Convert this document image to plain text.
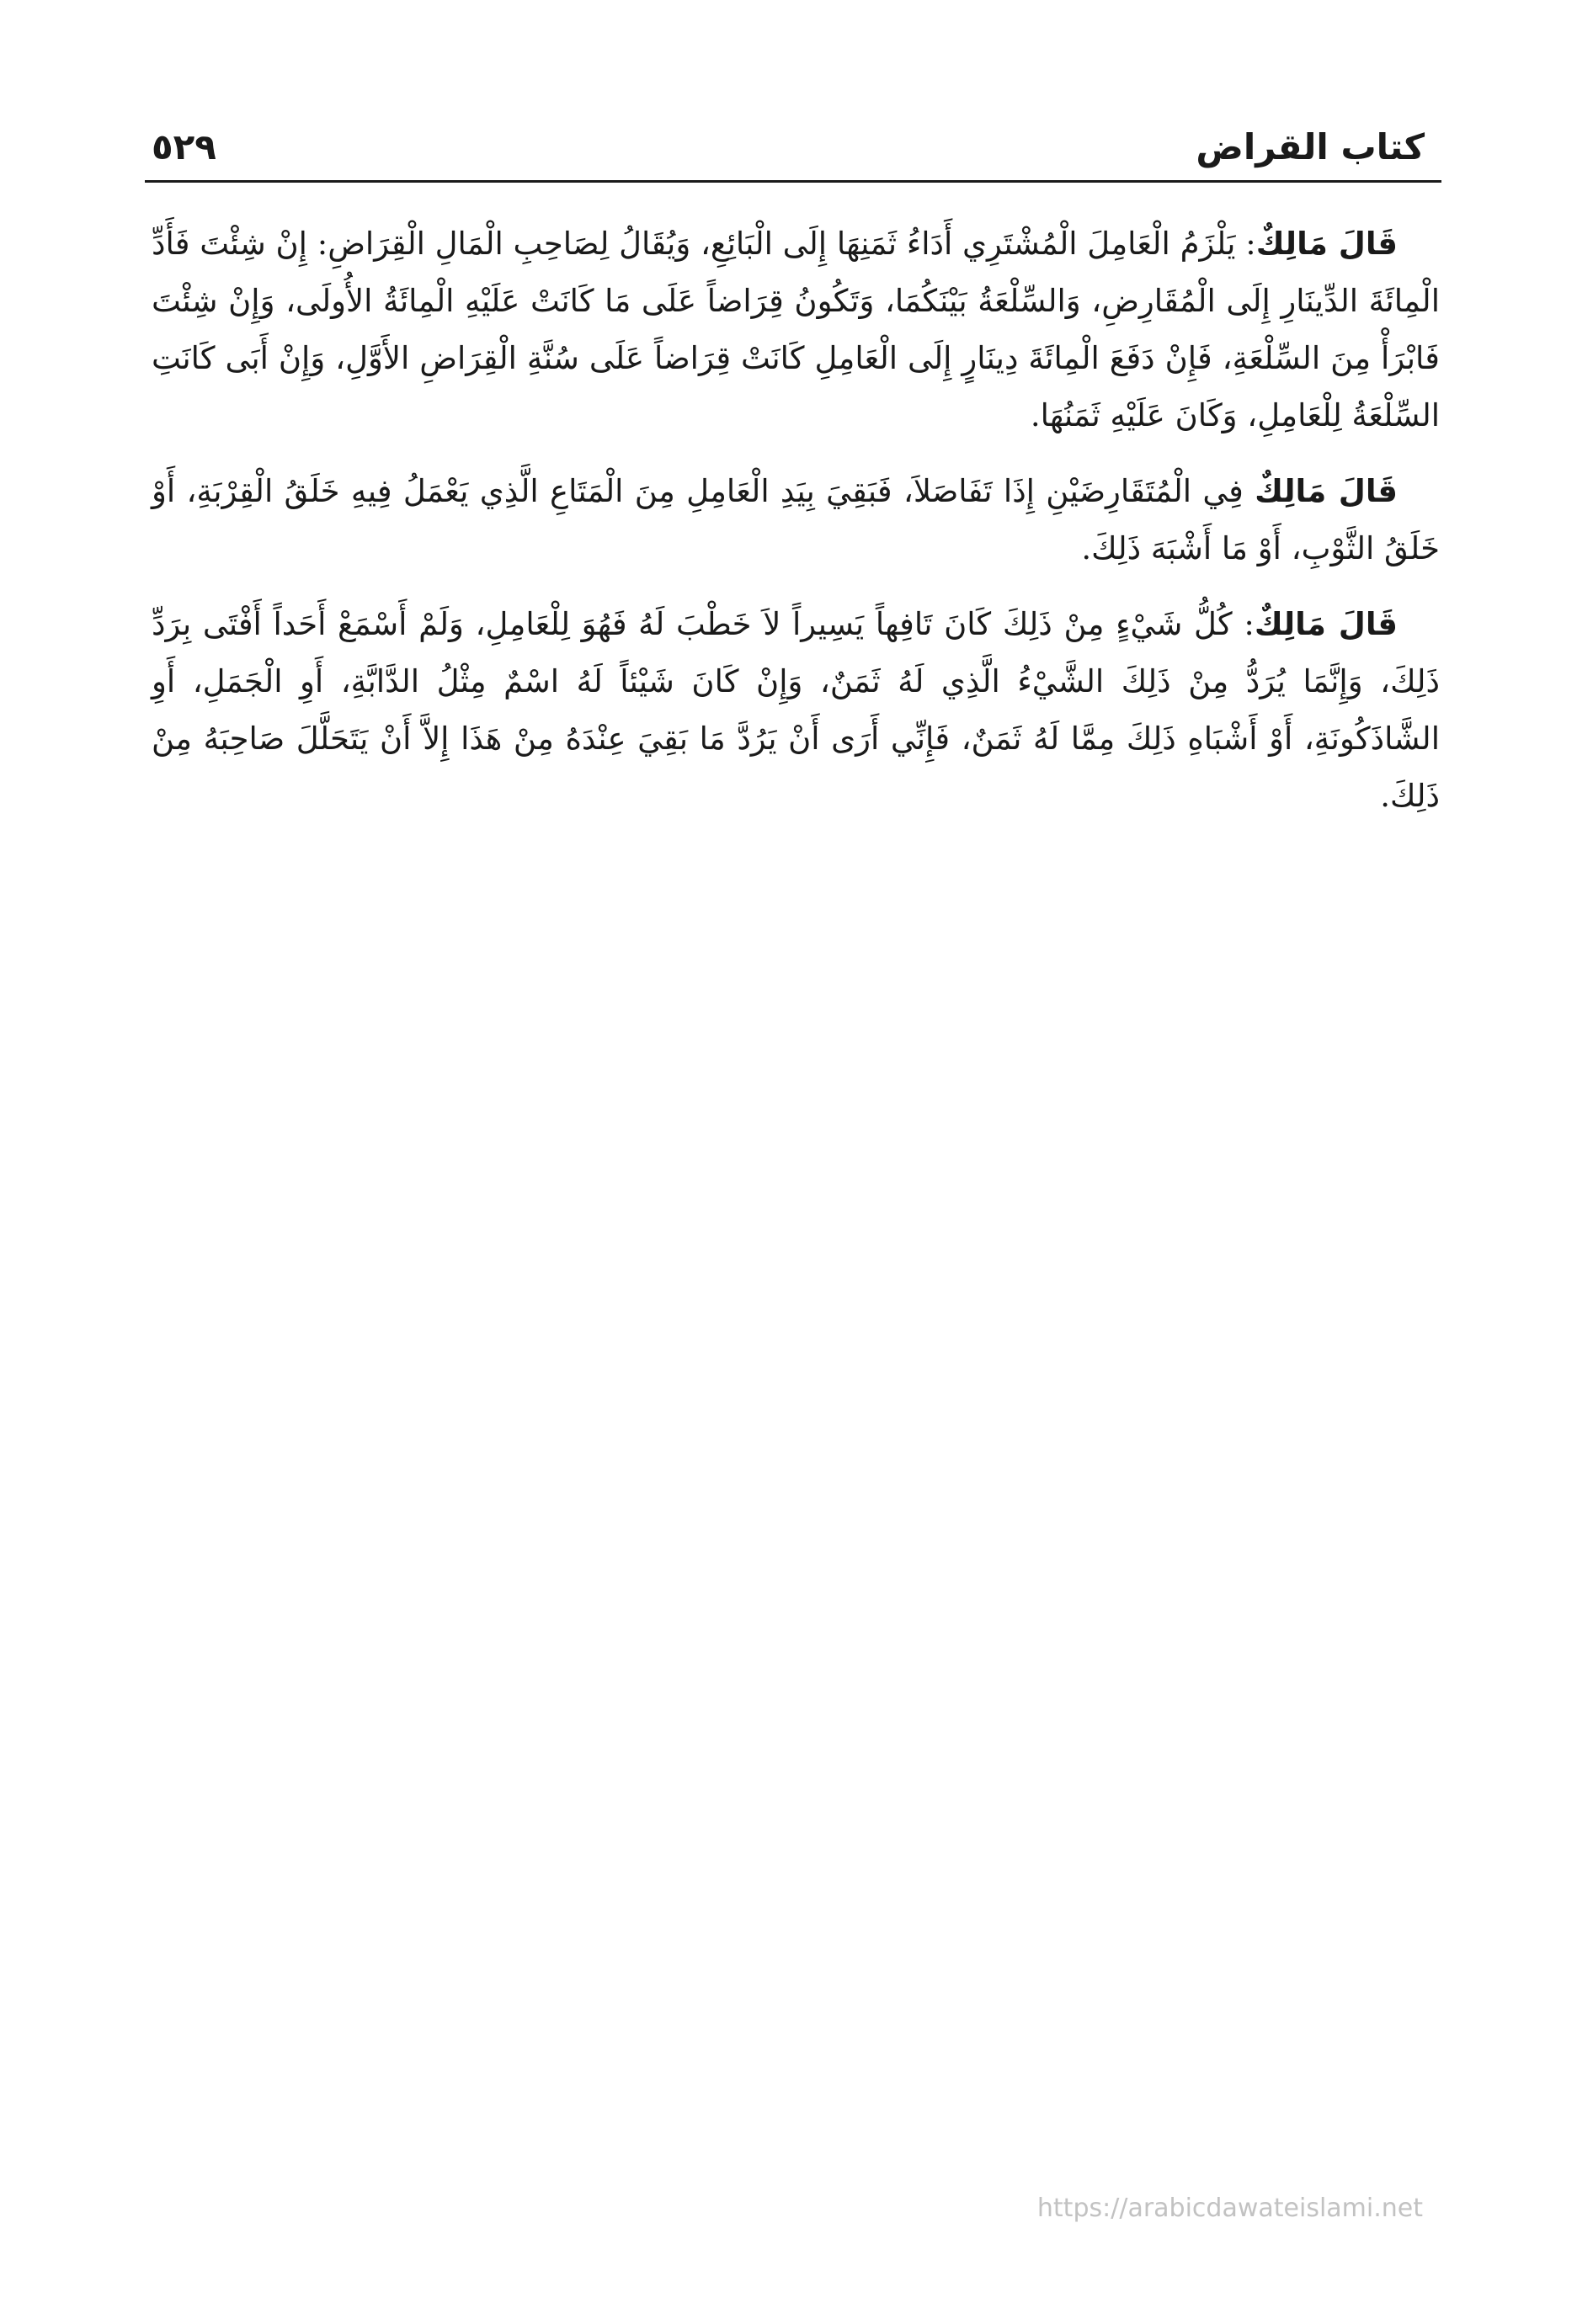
كتاب القراض
٥٢٩

قَالَ مَالِكٌ: يَلْزَمُ الْعَامِلَ الْمُشْتَرِي أَدَاءُ ثَمَنِهَا إِلَى الْبَائِعِ، وَيُقَالُ لِصَاحِبِ الْمَالِ الْقِرَاضِ: إِنْ شِئْتَ فَأَدِّ الْمِائَةَ الدِّينَارِ إِلَى الْمُقَارِضِ، وَالسِّلْعَةُ بَيْنَكُمَا، وَتَكُونُ قِرَاضاً عَلَى مَا كَانَتْ عَلَيْهِ الْمِائَةُ الأُولَى، وَإِنْ شِئْتَ فَابْرَأْ مِنَ السِّلْعَةِ، فَإِنْ دَفَعَ الْمِائَةَ دِينَارٍ إِلَى الْعَامِلِ كَانَتْ قِرَاضاً عَلَى سُنَّةِ الْقِرَاضِ الأَوَّلِ، وَإِنْ أَبَى كَانَتِ السِّلْعَةُ لِلْعَامِلِ، وَكَانَ عَلَيْهِ ثَمَنُهَا.

قَالَ مَالِكٌ فِي الْمُتَقَارِضَيْنِ إِذَا تَفَاصَلاَ، فَبَقِيَ بِيَدِ الْعَامِلِ مِنَ الْمَتَاعِ الَّذِي يَعْمَلُ فِيهِ خَلَقُ الْقِرْبَةِ، أَوْ خَلَقُ الثَّوْبِ، أَوْ مَا أَشْبَهَ ذَلِكَ.

قَالَ مَالِكٌ: كُلُّ شَيْءٍ مِنْ ذَلِكَ كَانَ تَافِهاً يَسِيراً لاَ خَطْبَ لَهُ فَهُوَ لِلْعَامِلِ، وَلَمْ أَسْمَعْ أَحَداً أَفْتَى بِرَدِّ ذَلِكَ، وَإِنَّمَا يُرَدُّ مِنْ ذَلِكَ الشَّيْءُ الَّذِي لَهُ ثَمَنٌ، وَإِنْ كَانَ شَيْئاً لَهُ اسْمٌ مِثْلُ الدَّابَّةِ، أَوِ الْجَمَلِ، أَوِ الشَّاذَكُونَةِ، أَوْ أَشْبَاهِ ذَلِكَ مِمَّا لَهُ ثَمَنٌ، فَإِنِّي أَرَى أَنْ يَرُدَّ مَا بَقِيَ عِنْدَهُ مِنْ هَذَا إِلاَّ أَنْ يَتَحَلَّلَ صَاحِبَهُ مِنْ ذَلِكَ.

https://arabicdawateislami.net
